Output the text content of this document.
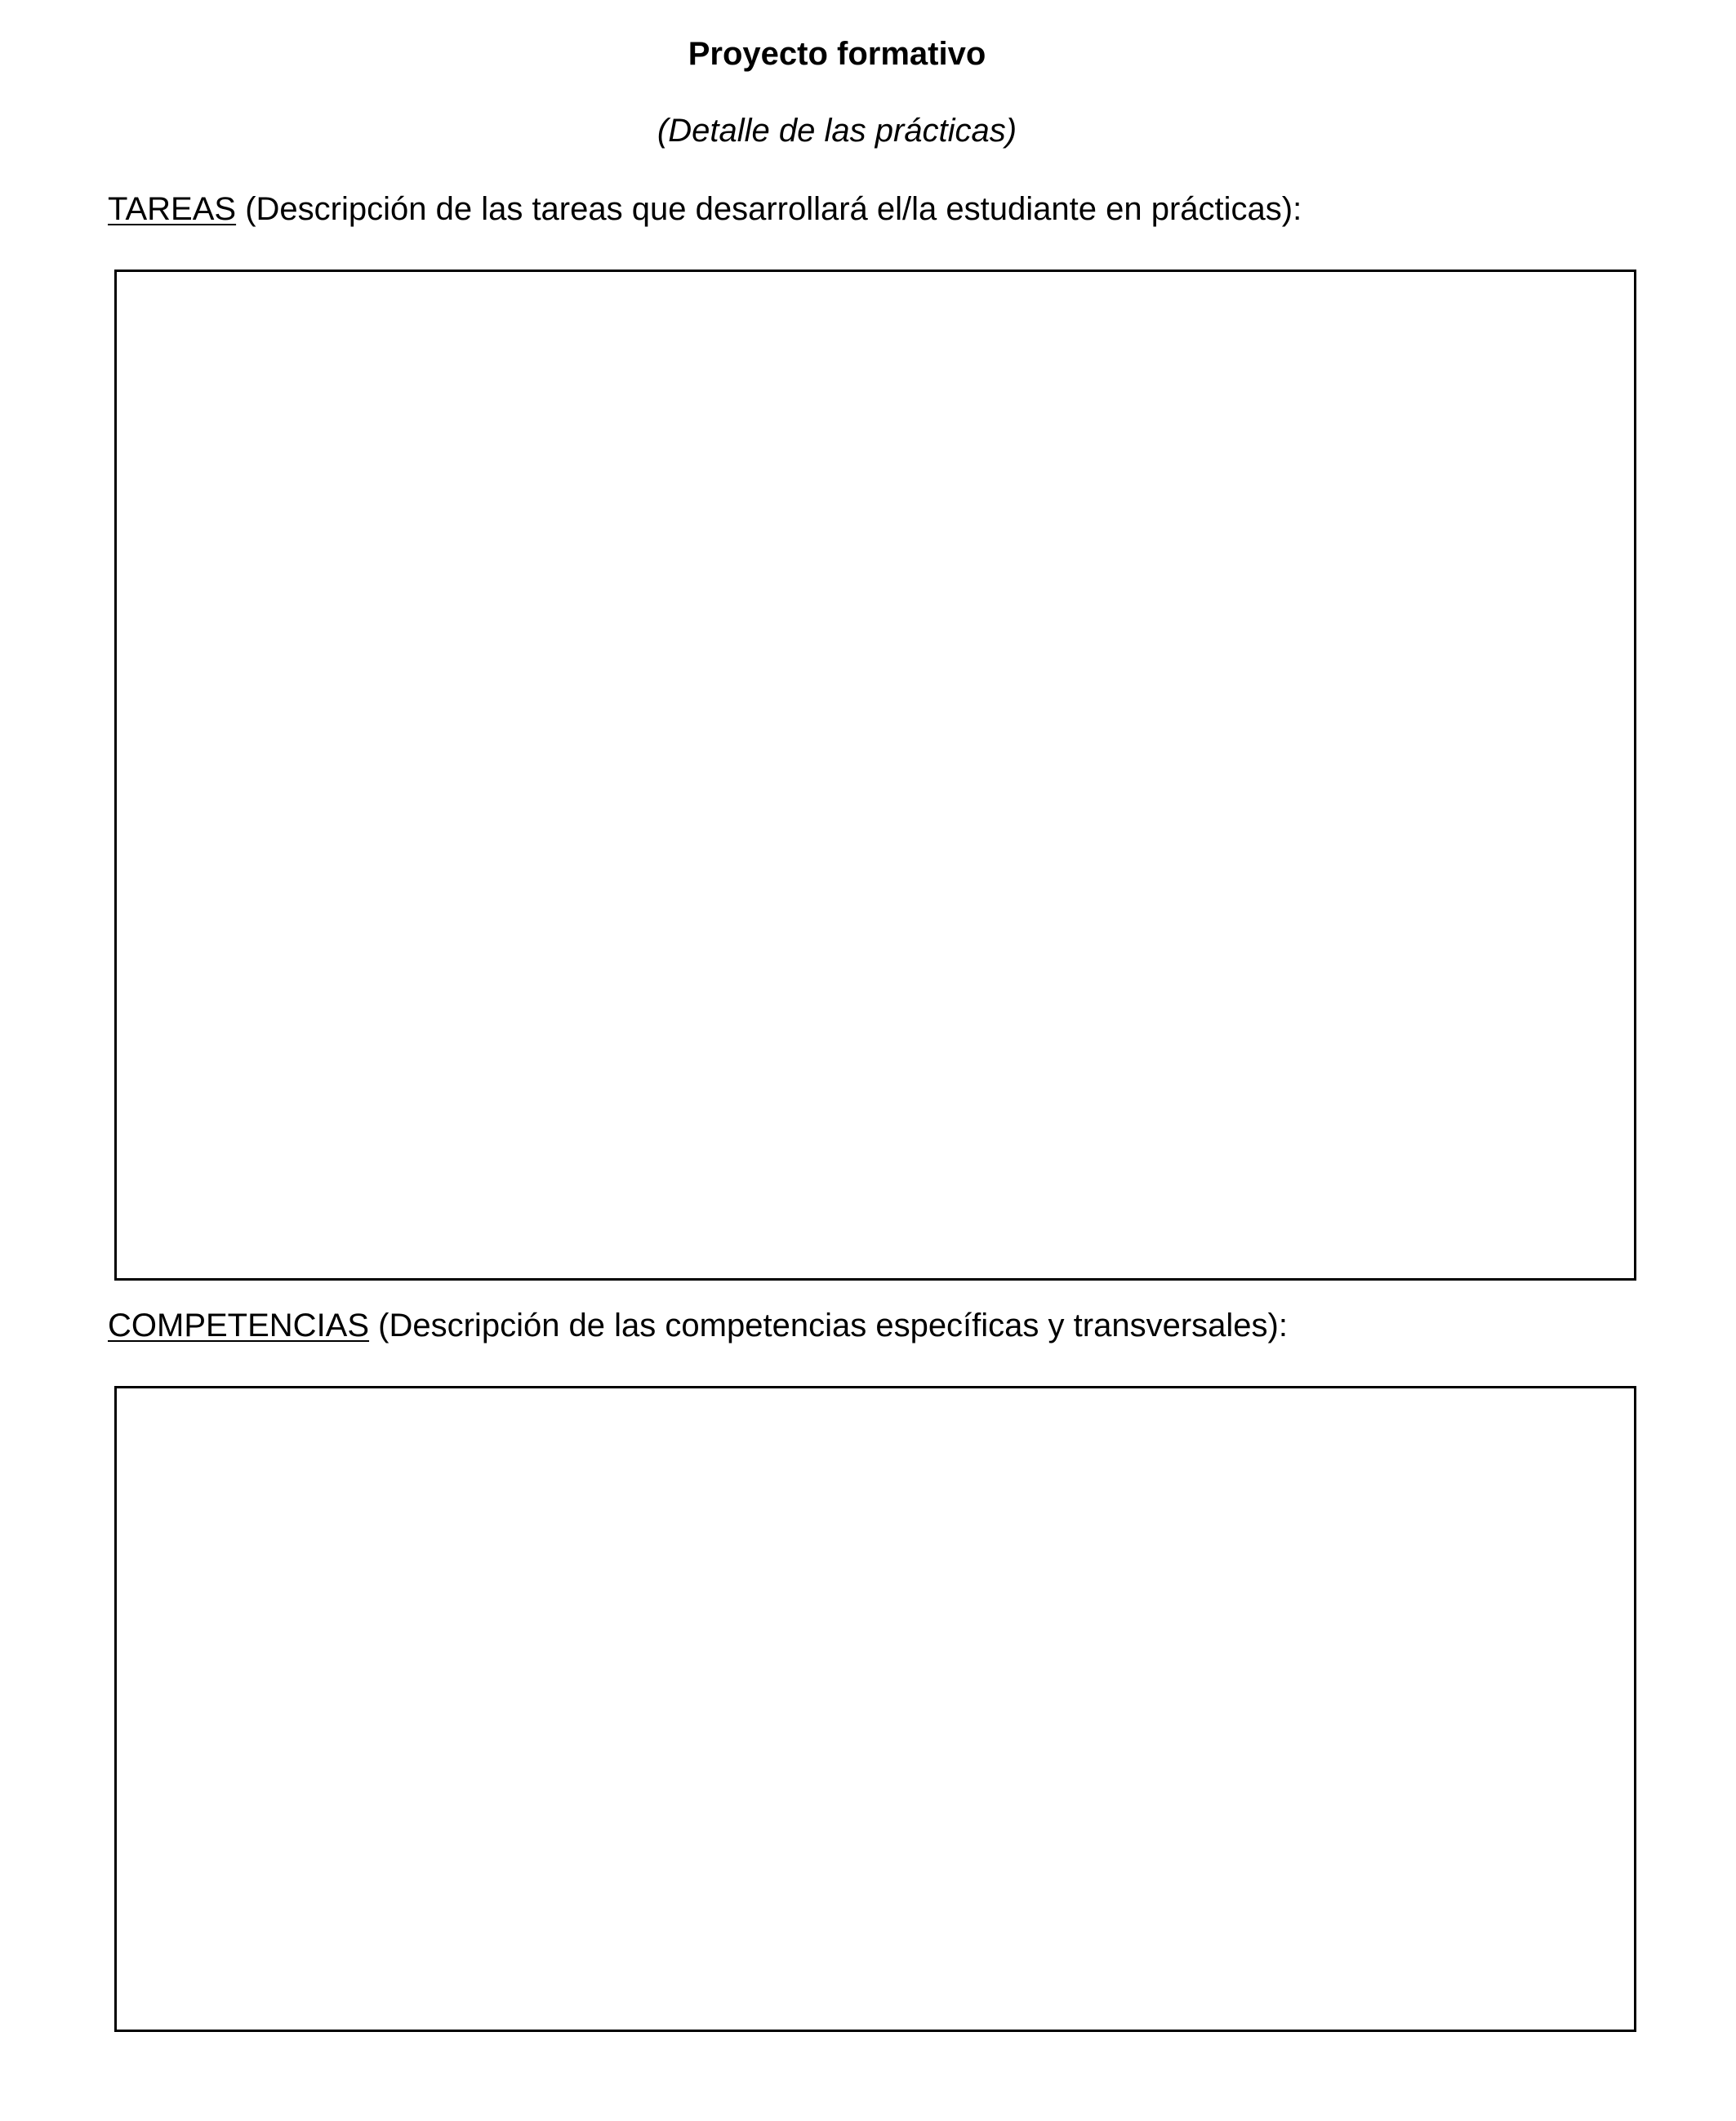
Proyecto formativo
(Detalle de las prácticas)
TAREAS (Descripción de las tareas que desarrollará el/la estudiante en prácticas):
COMPETENCIAS (Descripción de las competencias específicas y transversales):
